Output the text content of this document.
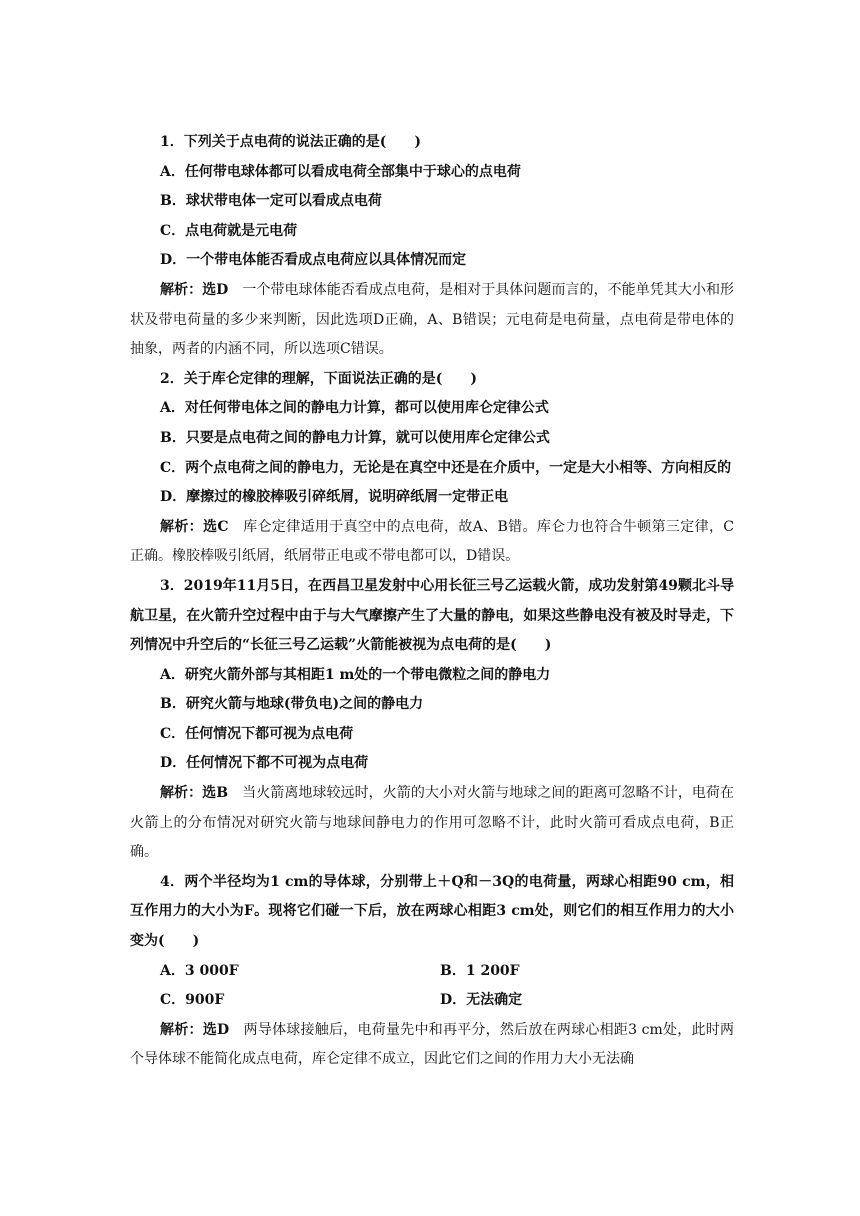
1．下列关于点电荷的说法正确的是(　　)

A．任何带电球体都可以看成电荷全部集中于球心的点电荷

B．球状带电体一定可以看成点电荷

C．点电荷就是元电荷

D．一个带电体能否看成点电荷应以具体情况而定

解析：选D　一个带电球体能否看成点电荷，是相对于具体问题而言的，不能单凭其大小和形状及带电荷量的多少来判断，因此选项D正确，A、B错误；元电荷是电荷量，点电荷是带电体的抽象，两者的内涵不同，所以选项C错误。

2．关于库仑定律的理解，下面说法正确的是(　　)

A．对任何带电体之间的静电力计算，都可以使用库仑定律公式

B．只要是点电荷之间的静电力计算，就可以使用库仑定律公式

C．两个点电荷之间的静电力，无论是在真空中还是在介质中，一定是大小相等、方向相反的

D．摩擦过的橡胶棒吸引碎纸屑，说明碎纸屑一定带正电

解析：选C　库仑定律适用于真空中的点电荷，故A、B错。库仑力也符合牛顿第三定律，C正确。橡胶棒吸引纸屑，纸屑带正电或不带电都可以，D错误。

3．2019年11月5日，在西昌卫星发射中心用长征三号乙运载火箭，成功发射第49颗北斗导航卫星，在火箭升空过程中由于与大气摩擦产生了大量的静电，如果这些静电没有被及时导走，下列情况中升空后的“长征三号乙运载”火箭能被视为点电荷的是(　　)

A．研究火箭外部与其相距1 m处的一个带电微粒之间的静电力

B．研究火箭与地球(带负电)之间的静电力

C．任何情况下都可视为点电荷

D．任何情况下都不可视为点电荷

解析：选B　当火箭离地球较远时，火箭的大小对火箭与地球之间的距离可忽略不计，电荷在火箭上的分布情况对研究火箭与地球间静电力的作用可忽略不计，此时火箭可看成点电荷，B正确。

4．两个半径均为1 cm的导体球，分别带上＋Q和－3Q的电荷量，两球心相距90 cm，相互作用力的大小为F。现将它们碰一下后，放在两球心相距3 cm处，则它们的相互作用力的大小变为(　　)

A．3 000F	B．1 200F
C．900F	D．无法确定

解析：选D　两导体球接触后，电荷量先中和再平分，然后放在两球心相距3 cm处，此时两个导体球不能简化成点电荷，库仑定律不成立，因此它们之间的作用力大小无法确
